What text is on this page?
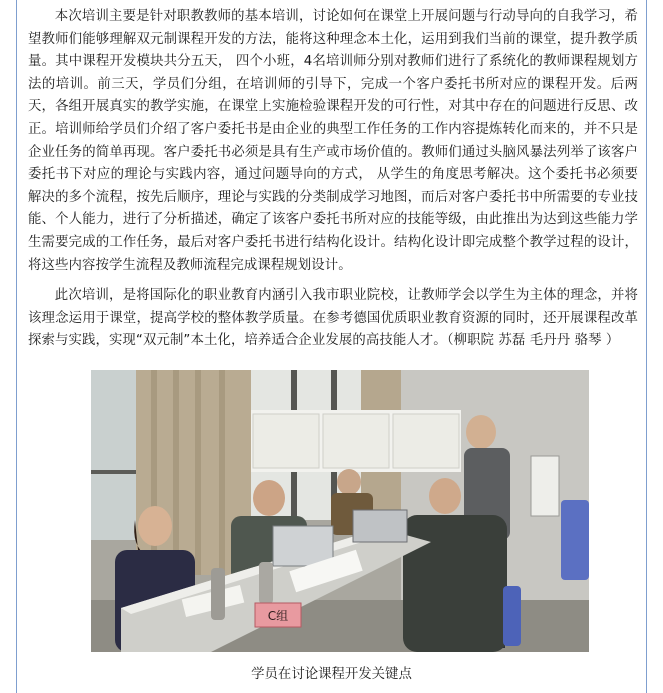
本次培训主要是针对职教教师的基本培训，讨论如何在课堂上开展问题与行动导向的自我学习，希望教师们能够理解双元制课程开发的方法，能将这种理念本土化，运用到我们当前的课堂，提升教学质量。其中课程开发模块共分五天， 四个小班，4名培训师分别对教师们进行了系统化的教师课程规划方法的培训。前三天，学员们分组，在培训师的引导下，完成一个客户委托书所对应的课程开发。后两天，各组开展真实的教学实施，在课堂上实施检验课程开发的可行性，对其中存在的问题进行反思、改正。培训师给学员们介绍了客户委托书是由企业的典型工作任务的工作内容提炼转化而来的，并不只是企业任务的简单再现。客户委托书必须是具有生产或市场价值的。教师们通过头脑风暴法列举了该客户委托书下对应的理论与实践内容，通过问题导向的方式， 从学生的角度思考解决。这个委托书必须要解决的多个流程，按先后顺序，理论与实践的分类制成学习地图，而后对客户委托书中所需要的专业技能、个人能力，进行了分析描述，确定了该客户委托书所对应的技能等级，由此推出为达到这些能力学生需要完成的工作任务，最后对客户委托书进行结构化设计。结构化设计即完成整个教学过程的设计，将这些内容按学生流程及教师流程完成课程规划设计。

此次培训，是将国际化的职业教育内涵引入我市职业院校，让教师学会以学生为主体的理念，并将该理念运用于课堂，提高学校的整体教学质量。在参考德国优质职业教育资源的同时，还开展课程改革探索与实践，实现“双元制”本土化，培养适合企业发展的高技能人才。（柳职院 苏磊 毛丹丹 骆琴 ）

C组
学员在讨论课程开发关键点
